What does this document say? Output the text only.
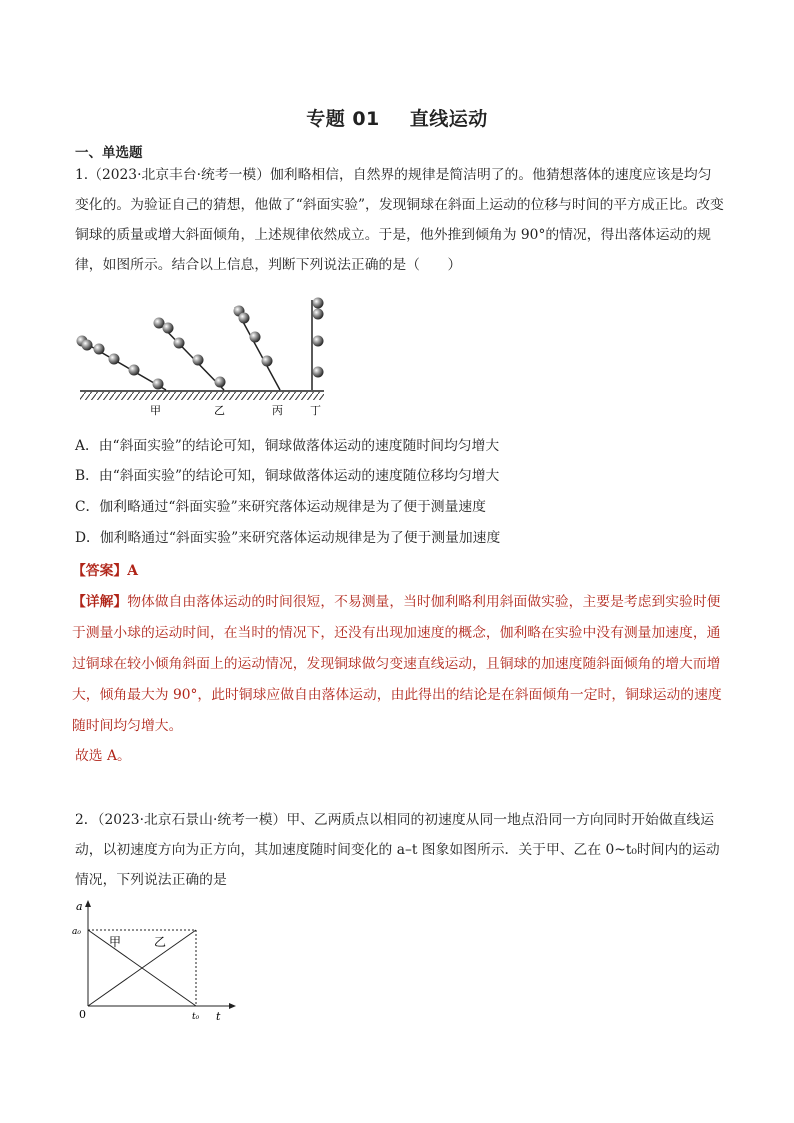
专题 01 直线运动
一、单选题
1.（2023·北京丰台·统考一模）伽利略相信，自然界的规律是简洁明了的。他猜想落体的速度应该是均匀变化的。为验证自己的猜想，他做了“斜面实验”，发现铜球在斜面上运动的位移与时间的平方成正比。改变铜球的质量或增大斜面倾角，上述规律依然成立。于是，他外推到倾角为 90°的情况，得出落体运动的规律，如图所示。结合以上信息，判断下列说法正确的是（　　）
甲	乙	丙 丁
A．由“斜面实验”的结论可知，铜球做落体运动的速度随时间均匀增大
B．由“斜面实验”的结论可知，铜球做落体运动的速度随位移均匀增大
C．伽利略通过“斜面实验”来研究落体运动规律是为了便于测量速度
D．伽利略通过“斜面实验”来研究落体运动规律是为了便于测量加速度
【答案】A
【详解】物体做自由落体运动的时间很短，不易测量，当时伽利略利用斜面做实验，主要是考虑到实验时便于测量小球的运动时间，在当时的情况下，还没有出现加速度的概念，伽利略在实验中没有测量加速度，通过铜球在较小倾角斜面上的运动情况，发现铜球做匀变速直线运动，且铜球的加速度随斜面倾角的增大而增大，倾角最大为 90°，此时铜球应做自由落体运动，由此得出的结论是在斜面倾角一定时，铜球运动的速度随时间均匀增大。
故选 A。
2．（2023·北京石景山·统考一模）甲、乙两质点以相同的初速度从同一地点沿同一方向同时开始做直线运动，以初速度方向为正方向，其加速度随时间变化的 a–t 图象如图所示．关于甲、乙在 0~t₀时间内的运动情况，下列说法正确的是
a
t
0
a₀
t₀
甲	乙
